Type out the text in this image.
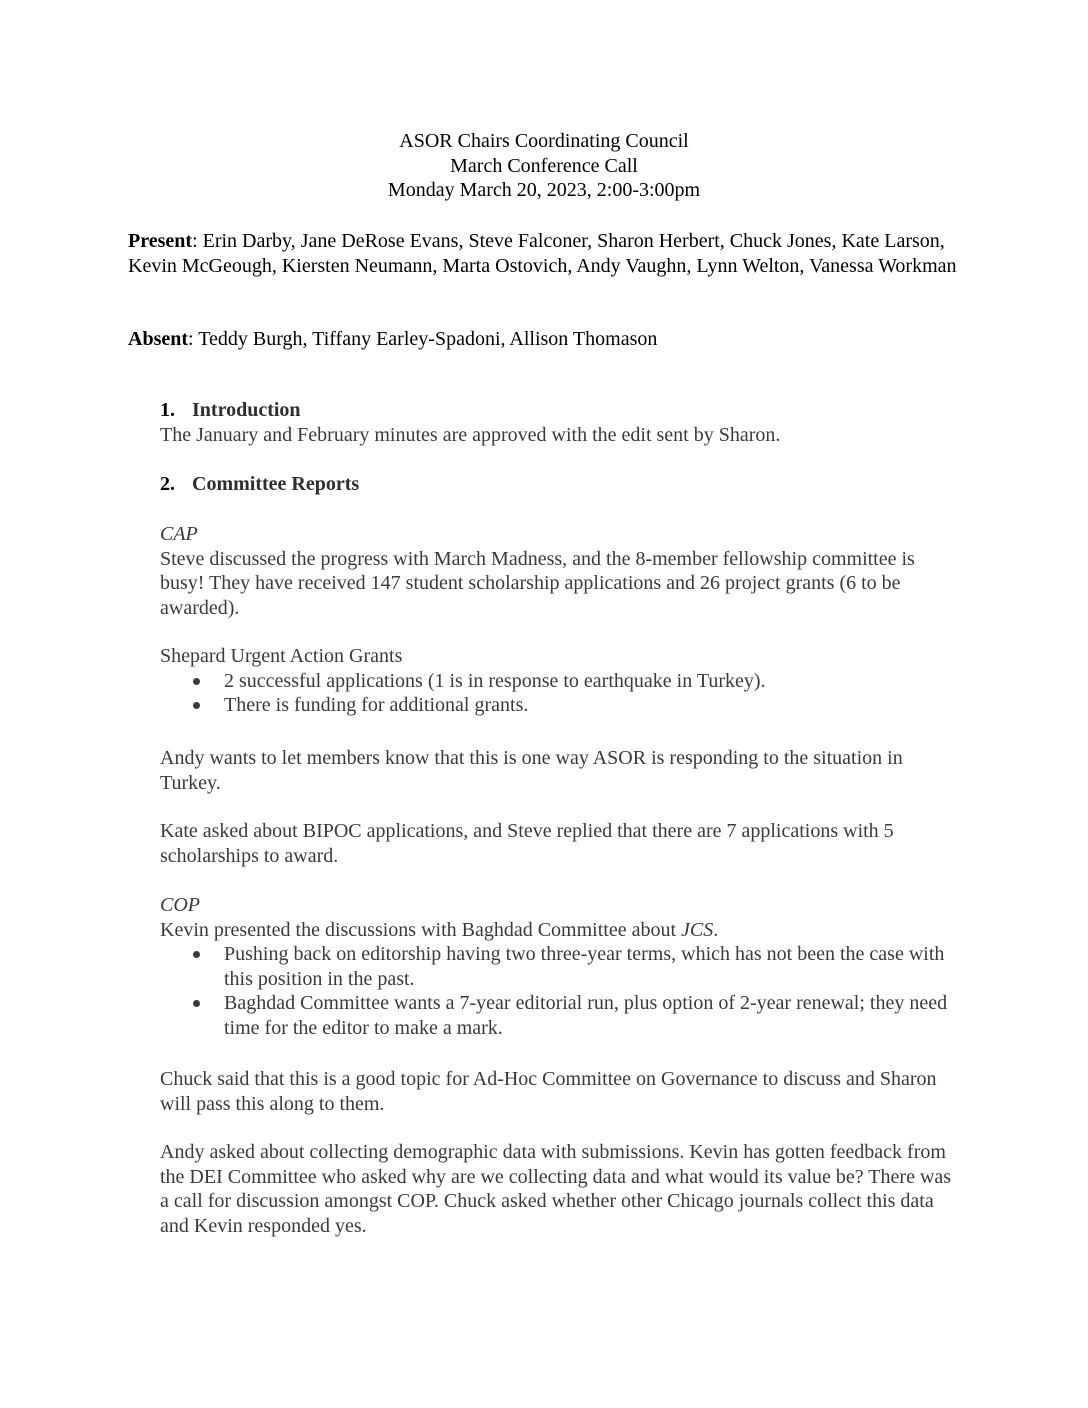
ASOR Chairs Coordinating Council
March Conference Call
Monday March 20, 2023, 2:00-3:00pm
Present: Erin Darby, Jane DeRose Evans, Steve Falconer, Sharon Herbert, Chuck Jones, Kate Larson, Kevin McGeough, Kiersten Neumann, Marta Ostovich, Andy Vaughn, Lynn Welton, Vanessa Workman
Absent: Teddy Burgh, Tiffany Earley-Spadoni, Allison Thomason
1. Introduction
The January and February minutes are approved with the edit sent by Sharon.
2. Committee Reports
CAP
Steve discussed the progress with March Madness, and the 8-member fellowship committee is busy! They have received 147 student scholarship applications and 26 project grants (6 to be awarded).
Shepard Urgent Action Grants
2 successful applications (1 is in response to earthquake in Turkey).
There is funding for additional grants.
Andy wants to let members know that this is one way ASOR is responding to the situation in Turkey.
Kate asked about BIPOC applications, and Steve replied that there are 7 applications with 5 scholarships to award.
COP
Kevin presented the discussions with Baghdad Committee about JCS.
Pushing back on editorship having two three-year terms, which has not been the case with this position in the past.
Baghdad Committee wants a 7-year editorial run, plus option of 2-year renewal; they need time for the editor to make a mark.
Chuck said that this is a good topic for Ad-Hoc Committee on Governance to discuss and Sharon will pass this along to them.
Andy asked about collecting demographic data with submissions. Kevin has gotten feedback from the DEI Committee who asked why are we collecting data and what would its value be? There was a call for discussion amongst COP. Chuck asked whether other Chicago journals collect this data and Kevin responded yes.
